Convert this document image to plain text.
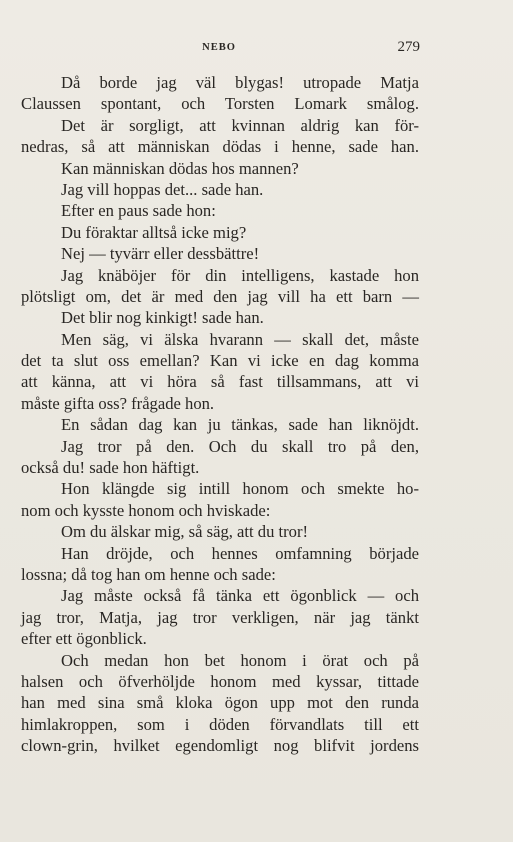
NEBO	279
Då borde jag väl blygas! utropade Matja
Claussen spontant, och Torsten Lomark smålog.
Det är sorgligt, att kvinnan aldrig kan för-
nedras, så att människan dödas i henne, sade han.
Kan människan dödas hos mannen?
Jag vill hoppas det... sade han.
Efter en paus sade hon:
Du föraktar alltså icke mig?
Nej — tyvärr eller dessbättre!
Jag knäböjer för din intelligens, kastade hon
plötsligt om, det är med den jag vill ha ett barn —
Det blir nog kinkigt! sade han.
Men säg, vi älska hvarann — skall det, måste
det ta slut oss emellan? Kan vi icke en dag komma
att känna, att vi höra så fast tillsammans, att vi
måste gifta oss? frågade hon.
En sådan dag kan ju tänkas, sade han liknöjdt.
Jag tror på den. Och du skall tro på den,
också du! sade hon häftigt.
Hon klängde sig intill honom och smekte ho-
nom och kysste honom och hviskade:
Om du älskar mig, så säg, att du tror!
Han dröjde, och hennes omfamning började
lossna; då tog han om henne och sade:
Jag måste också få tänka ett ögonblick — och
jag tror, Matja, jag tror verkligen, när jag tänkt
efter ett ögonblick.
Och medan hon bet honom i örat och på
halsen och öfverhöljde honom med kyssar, tittade
han med sina små kloka ögon upp mot den runda
himlakroppen, som i döden förvandlats till ett
clown-grin, hvilket egendomligt nog blifvit jordens
